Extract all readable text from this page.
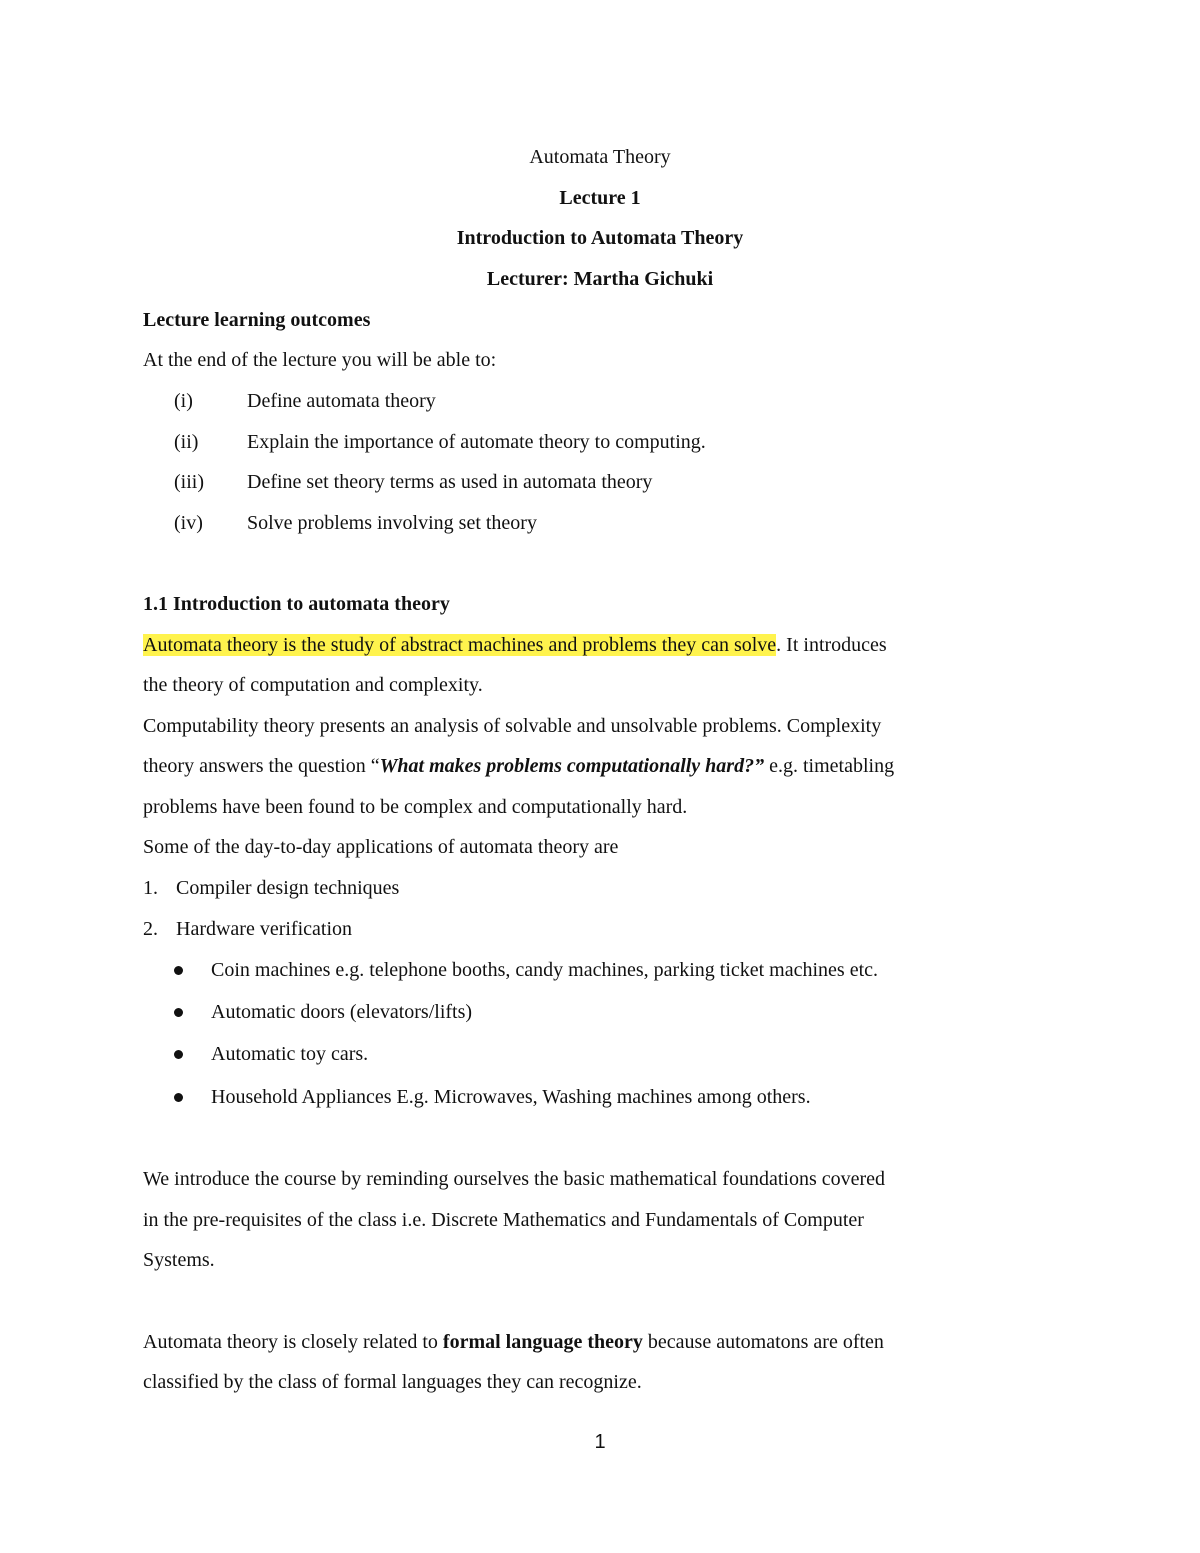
Automata Theory
Lecture 1
Introduction to Automata Theory
Lecturer: Martha Gichuki
Lecture learning outcomes
At the end of the lecture you will be able to:
(i)	Define automata theory
(ii) Explain the importance of automate theory to computing.
(iii) Define set theory terms as used in automata theory
(iv) Solve problems involving set theory
1.1 Introduction to automata theory
Automata theory is the study of abstract machines and problems they can solve. It introduces
the theory of computation and complexity.
Computability theory presents an analysis of solvable and unsolvable problems. Complexity
theory answers the question “What makes problems computationally hard?” e.g. timetabling
problems have been found to be complex and computationally hard.
Some of the day-to-day applications of automata theory are
1. Compiler design techniques
2. Hardware verification
Coin machines e.g. telephone booths, candy machines, parking ticket machines etc.
Automatic doors (elevators/lifts)
Automatic toy cars.
Household Appliances E.g. Microwaves, Washing machines among others.
We introduce the course by reminding ourselves the basic mathematical foundations covered
in the pre-requisites of the class i.e. Discrete Mathematics and Fundamentals of Computer
Systems.
Automata theory is closely related to formal language theory because automatons are often
classified by the class of formal languages they can recognize.
1
